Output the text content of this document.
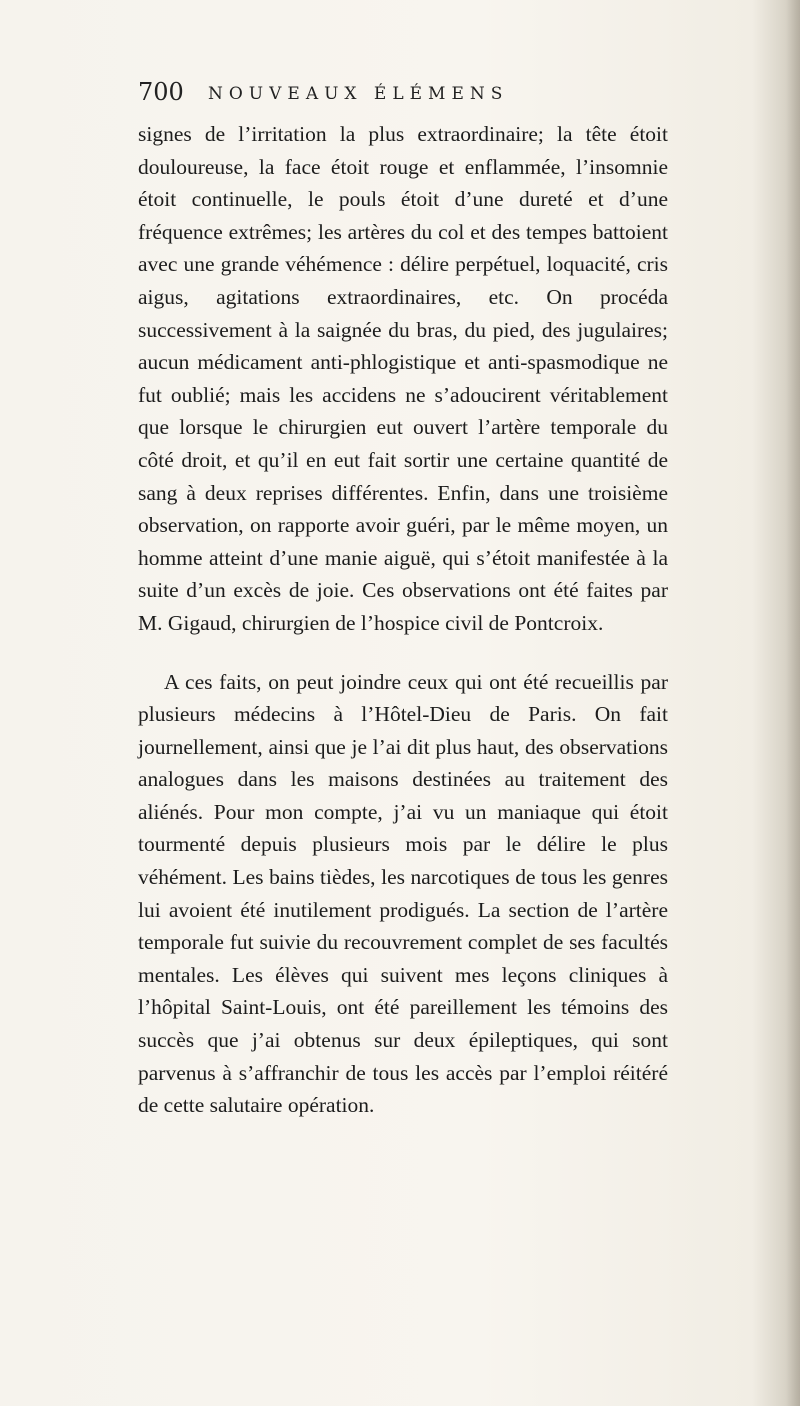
700 NOUVEAUX ÉLÉMENS

signes de l’irritation la plus extraordinaire; la tête étoit douloureuse, la face étoit rouge et enflammée, l’insomnie étoit continuelle, le pouls étoit d’une dureté et d’une fréquence extrêmes; les artères du col et des tempes battoient avec une grande véhémence : délire perpétuel, loquacité, cris aigus, agitations extraordinaires, etc. On procéda successivement à la saignée du bras, du pied, des jugulaires; aucun médicament anti-phlogistique et anti-spasmodique ne fut oublié; mais les accidens ne s’adoucirent véritablement que lorsque le chirurgien eut ouvert l’artère temporale du côté droit, et qu’il en eut fait sortir une certaine quantité de sang à deux reprises différentes. Enfin, dans une troisième observation, on rapporte avoir guéri, par le même moyen, un homme atteint d’une manie aiguë, qui s’étoit manifestée à la suite d’un excès de joie. Ces observations ont été faites par M. Gigaud, chirurgien de l’hospice civil de Pontcroix.

A ces faits, on peut joindre ceux qui ont été recueillis par plusieurs médecins à l’Hôtel-Dieu de Paris. On fait journellement, ainsi que je l’ai dit plus haut, des observations analogues dans les maisons destinées au traitement des aliénés. Pour mon compte, j’ai vu un maniaque qui étoit tourmenté depuis plusieurs mois par le délire le plus véhément. Les bains tièdes, les narcotiques de tous les genres lui avoient été inutilement prodigués. La section de l’artère temporale fut suivie du recouvrement complet de ses facultés mentales. Les élèves qui suivent mes leçons cliniques à l’hôpital Saint-Louis, ont été pareillement les témoins des succès que j’ai obtenus sur deux épileptiques, qui sont parvenus à s’affranchir de tous les accès par l’emploi réitéré de cette salutaire opération.
